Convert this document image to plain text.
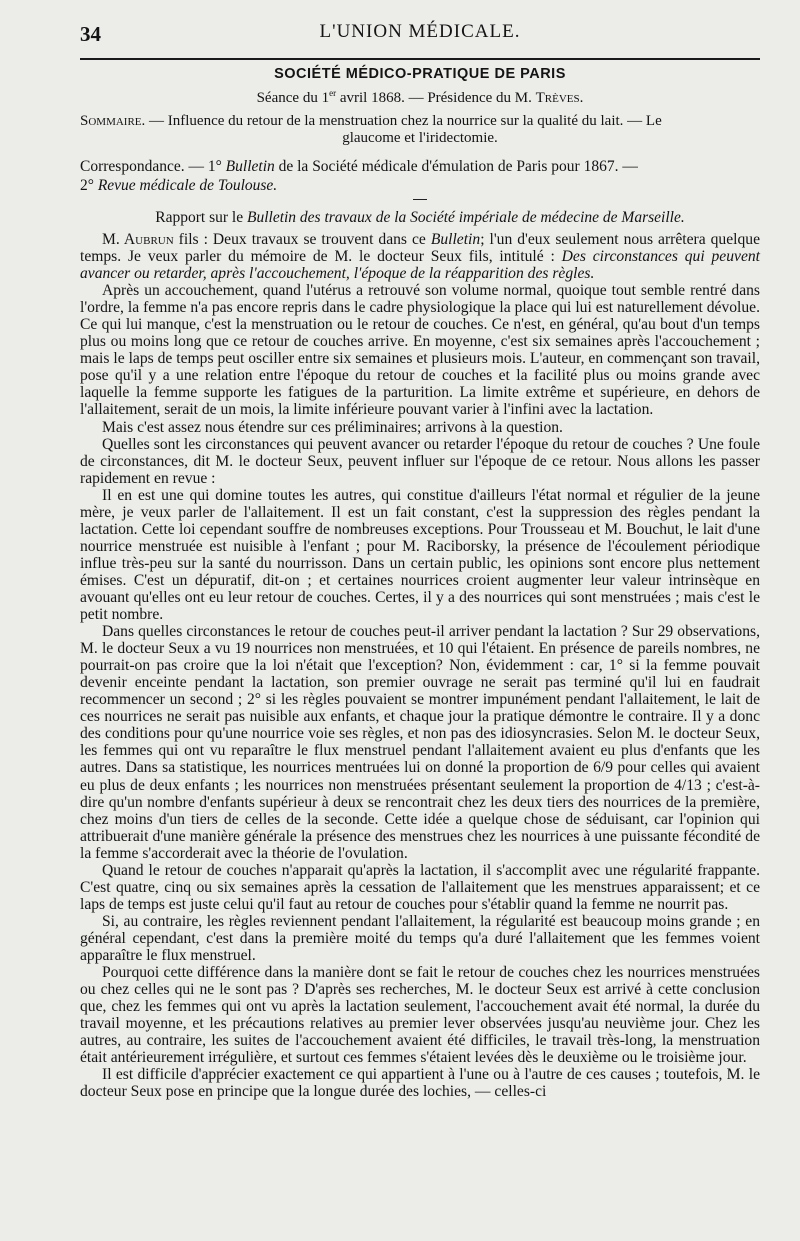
34	L'UNION MÉDICALE.
SOCIÉTÉ MÉDICO-PRATIQUE DE PARIS
Séance du 1er avril 1868. — Présidence du M. Trèves.
Sommaire. — Influence du retour de la menstruation chez la nourrice sur la qualité du lait. — Le
glaucome et l'iridectomie.
Correspondance. — 1° Bulletin de la Société médicale d'émulation de Paris pour 1867. —
2° Revue médicale de Toulouse.
Rapport sur le Bulletin des travaux de la Société impériale de médecine de Marseille.

M. Aubrun fils : Deux travaux se trouvent dans ce Bulletin; l'un d'eux seulement nous arrêtera quelque temps. Je veux parler du mémoire de M. le docteur Seux fils, intitulé : Des circonstances qui peuvent avancer ou retarder, après l'accouchement, l'époque de la réapparition des règles.

Après un accouchement, quand l'utérus a retrouvé son volume normal, quoique tout semble rentré dans l'ordre, la femme n'a pas encore repris dans le cadre physiologique la place qui lui est naturellement dévolue. Ce qui lui manque, c'est la menstruation ou le retour de couches. Ce n'est, en général, qu'au bout d'un temps plus ou moins long que ce retour de couches arrive. En moyenne, c'est six semaines après l'accouchement ; mais le laps de temps peut osciller entre six semaines et plusieurs mois. L'auteur, en commençant son travail, pose qu'il y a une relation entre l'époque du retour de couches et la facilité plus ou moins grande avec laquelle la femme supporte les fatigues de la parturition. La limite extrême et supérieure, en dehors de l'allaitement, serait de un mois, la limite inférieure pouvant varier à l'infini avec la lactation.

Mais c'est assez nous étendre sur ces préliminaires; arrivons à la question.

Quelles sont les circonstances qui peuvent avancer ou retarder l'époque du retour de couches ? Une foule de circonstances, dit M. le docteur Seux, peuvent influer sur l'époque de ce retour. Nous allons les passer rapidement en revue :

Il en est une qui domine toutes les autres, qui constitue d'ailleurs l'état normal et régulier de la jeune mère, je veux parler de l'allaitement. Il est un fait constant, c'est la suppression des règles pendant la lactation. Cette loi cependant souffre de nombreuses exceptions. Pour Trousseau et M. Bouchut, le lait d'une nourrice menstruée est nuisible à l'enfant ; pour M. Raciborsky, la présence de l'écoulement périodique influe très-peu sur la santé du nourrisson. Dans un certain public, les opinions sont encore plus nettement émises. C'est un dépuratif, dit-on ; et certaines nourrices croient augmenter leur valeur intrinsèque en avouant qu'elles ont eu leur retour de couches. Certes, il y a des nourrices qui sont menstruées ; mais c'est le petit nombre.

Dans quelles circonstances le retour de couches peut-il arriver pendant la lactation ? Sur 29 observations, M. le docteur Seux a vu 19 nourrices non menstruées, et 10 qui l'étaient. En présence de pareils nombres, ne pourrait-on pas croire que la loi n'était que l'exception? Non, évidemment : car, 1° si la femme pouvait devenir enceinte pendant la lactation, son premier ouvrage ne serait pas terminé qu'il lui en faudrait recommencer un second ; 2° si les règles pouvaient se montrer impunément pendant l'allaitement, le lait de ces nourrices ne serait pas nuisible aux enfants, et chaque jour la pratique démontre le contraire. Il y a donc des conditions pour qu'une nourrice voie ses règles, et non pas des idiosyncrasies. Selon M. le docteur Seux, les femmes qui ont vu reparaître le flux menstruel pendant l'allaitement avaient eu plus d'enfants que les autres. Dans sa statistique, les nourrices mentruées lui on donné la proportion de 6/9 pour celles qui avaient eu plus de deux enfants ; les nourrices non menstruées présentant seulement la proportion de 4/13 ; c'est-à-dire qu'un nombre d'enfants supérieur à deux se rencontrait chez les deux tiers des nourrices de la première, chez moins d'un tiers de celles de la seconde. Cette idée a quelque chose de séduisant, car l'opinion qui attribuerait d'une manière générale la présence des menstrues chez les nourrices à une puissante fécondité de la femme s'accorderait avec la théorie de l'ovulation.

Quand le retour de couches n'apparait qu'après la lactation, il s'accomplit avec une régularité frappante. C'est quatre, cinq ou six semaines après la cessation de l'allaitement que les menstrues apparaissent; et ce laps de temps est juste celui qu'il faut au retour de couches pour s'établir quand la femme ne nourrit pas.

Si, au contraire, les règles reviennent pendant l'allaitement, la régularité est beaucoup moins grande ; en général cependant, c'est dans la première moité du temps qu'a duré l'allaitement que les femmes voient apparaître le flux menstruel.

Pourquoi cette différence dans la manière dont se fait le retour de couches chez les nourrices menstruées ou chez celles qui ne le sont pas ? D'après ses recherches, M. le docteur Seux est arrivé à cette conclusion que, chez les femmes qui ont vu après la lactation seulement, l'accouchement avait été normal, la durée du travail moyenne, et les précautions relatives au premier lever observées jusqu'au neuvième jour. Chez les autres, au contraire, les suites de l'accouchement avaient été difficiles, le travail très-long, la menstruation était antérieurement irrégulière, et surtout ces femmes s'étaient levées dès le deuxième ou le troisième jour.

Il est difficile d'apprécier exactement ce qui appartient à l'une ou à l'autre de ces causes ; toutefois, M. le docteur Seux pose en principe que la longue durée des lochies, — celles-ci
